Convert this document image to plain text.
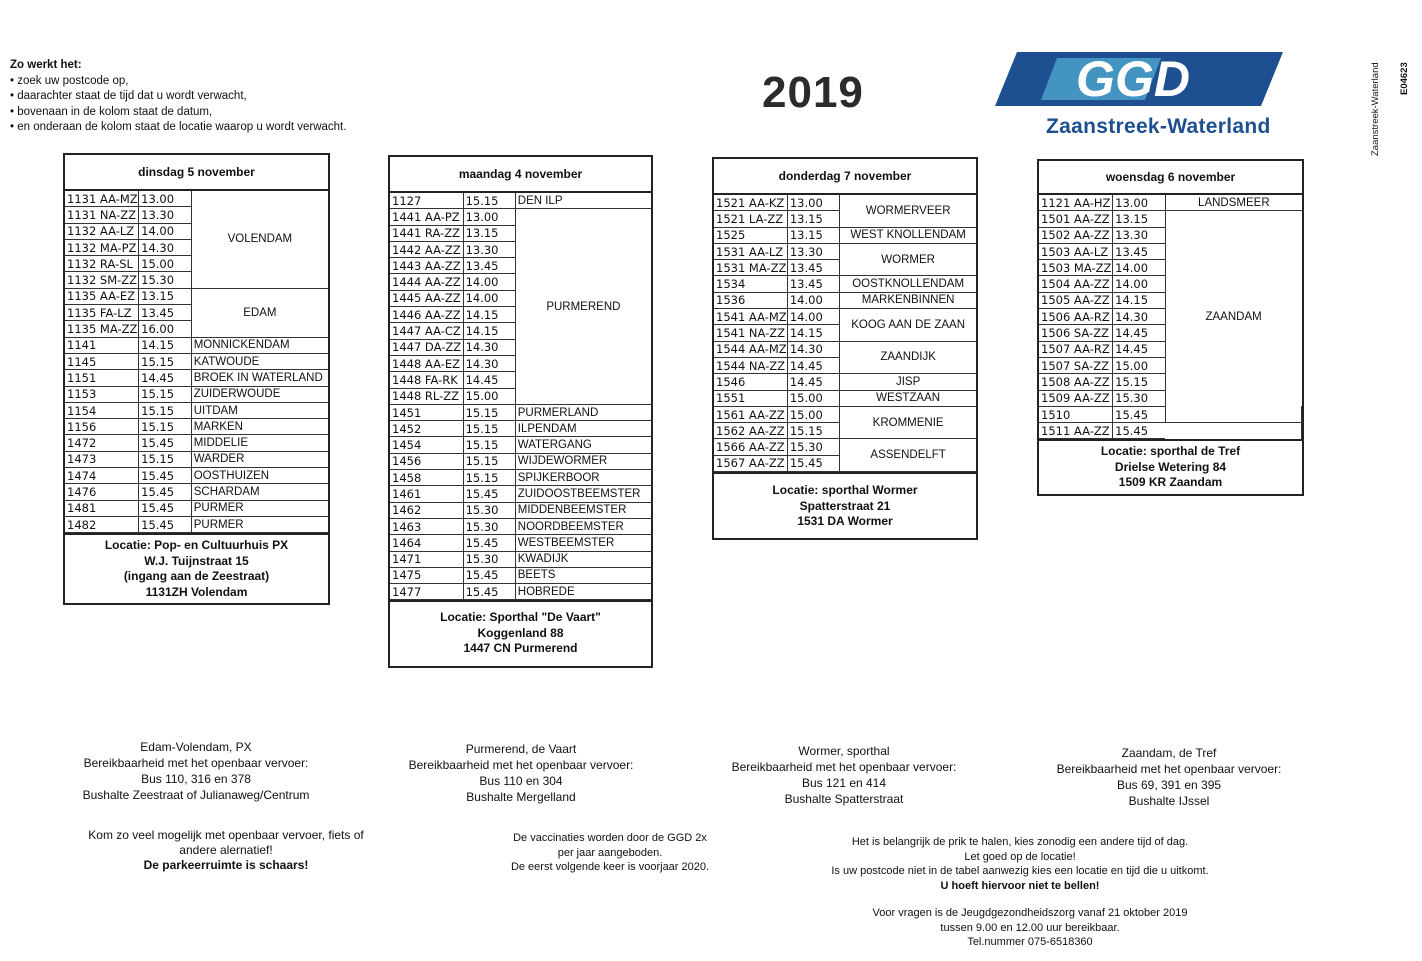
Zo werkt het:
• zoek uw postcode op,
• daarachter staat de tijd dat u wordt verwacht,
• bovenaan in de kolom staat de datum,
• en onderaan de kolom staat de locatie waarop u wordt verwacht.
2019	GGD
Zaanstreek-Waterland
E04623
Zaanstreek-Waterland
dinsdag 5 november
1131 AA-MZ	13.00	VOLENDAM
1131 NA-ZZ	13.30	
1132 AA-LZ	14.00	
1132 MA-PZ	14.30	
1132 RA-SL	15.00	
1132 SM-ZZ	15.30	
1135 AA-EZ	13.15	EDAM
1135 FA-LZ	13.45	
1135 MA-ZZ	16.00	
1141	14.15	MONNICKENDAM
1145	15.15	KATWOUDE
1151	14.45	BROEK IN WATERLAND
1153	15.15	ZUIDERWOUDE
1154	15.15	UITDAM
1156	15.15	MARKEN
1472	15.45	MIDDELIE
1473	15.15	WARDER
1474	15.45	OOSTHUIZEN
1476	15.45	SCHARDAM
1481	15.45	PURMER
1482	15.45	PURMER
Locatie: Pop- en Cultuurhuis PX
W.J. Tuijnstraat 15
(ingang aan de Zeestraat)
1131ZH Volendam
maandag 4 november
1127	15.15	DEN ILP
1441 AA-PZ	13.00	PURMEREND
1441 RA-ZZ	13.15	
1442 AA-ZZ	13.30	
1443 AA-ZZ	13.45	
1444 AA-ZZ	14.00	
1445 AA-ZZ	14.00	
1446 AA-ZZ	14.15	
1447 AA-CZ	14.15	
1447 DA-ZZ	14.30	
1448 AA-EZ	14.30	
1448 FA-RK	14.45	
1448 RL-ZZ	15.00	
1451	15.15	PURMERLAND
1452	15.15	ILPENDAM
1454	15.15	WATERGANG
1456	15.15	WIJDEWORMER
1458	15.15	SPIJKERBOOR
1461	15.45	ZUIDOOSTBEEMSTER
1462	15.30	MIDDENBEEMSTER
1463	15.30	NOORDBEEMSTER
1464	15.45	WESTBEEMSTER
1471	15.30	KWADIJK
1475	15.45	BEETS
1477	15.45	HOBREDE
Locatie: Sporthal "De Vaart"
Koggenland 88
1447 CN Purmerend
donderdag 7 november
1521 AA-KZ	13.00	WORMERVEER
1521 LA-ZZ	13.15	
1525	13.15	WEST KNOLLENDAM
1531 AA-LZ	13.30	WORMER
1531 MA-ZZ	13.45	
1534	13.45	OOSTKNOLLENDAM
1536	14.00	MARKENBINNEN
1541 AA-MZ	14.00	KOOG AAN DE ZAAN
1541 NA-ZZ	14.15	
1544 AA-MZ	14.30	ZAANDIJK
1544 NA-ZZ	14.45	
1546	14.45	JISP
1551	15.00	WESTZAAN
1561 AA-ZZ	15.00	KROMMENIE
1562 AA-ZZ	15.15	
1566 AA-ZZ	15.30	ASSENDELFT
1567 AA-ZZ	15.45	
Locatie: sporthal Wormer
Spatterstraat 21
1531 DA Wormer
woensdag 6 november
1121 AA-HZ	13.00	LANDSMEER	
1501 AA-ZZ	13.15	ZAANDAM	
1502 AA-ZZ	13.30		
1503 AA-LZ	13.45		
1503 MA-ZZ	14.00		
1504 AA-ZZ	14.00		
1505 AA-ZZ	14.15		
1506 AA-RZ	14.30		
1506 SA-ZZ	14.45		
1507 AA-RZ	14.45		
1507 SA-ZZ	15.00		
1508 AA-ZZ	15.15		
1509 AA-ZZ	15.30		
1510	15.45	
1511 AA-ZZ	15.45		
Locatie: sporthal de Tref
Drielse Wetering 84
1509 KR Zaandam
Edam-Volendam, PX
Bereikbaarheid met het openbaar vervoer:
Bus 110, 316 en 378
Bushalte Zeestraat of Julianaweg/Centrum
Purmerend, de Vaart
Bereikbaarheid met het openbaar vervoer:
Bus 110 en 304
Bushalte Mergelland
Wormer, sporthal
Bereikbaarheid met het openbaar vervoer:
Bus 121 en 414
Bushalte Spatterstraat
Zaandam, de Tref
Bereikbaarheid met het openbaar vervoer:
Bus 69, 391 en 395
Bushalte IJssel
Kom zo veel mogelijk met openbaar vervoer, fiets of
andere alernatief!
De parkeerruimte is schaars!
De vaccinaties worden door de GGD 2x
per jaar aangeboden.
De eerst volgende keer is voorjaar 2020.
Het is belangrijk de prik te halen, kies zonodig een andere tijd of dag.
Let goed op de locatie!
Is uw postcode niet in de tabel aanwezig kies een locatie en tijd die u uitkomt.
U hoeft hiervoor niet te bellen!
Voor vragen is de Jeugdgezondheidszorg vanaf 21 oktober 2019
tussen 9.00 en 12.00 uur bereikbaar.
Tel.nummer 075-6518360
